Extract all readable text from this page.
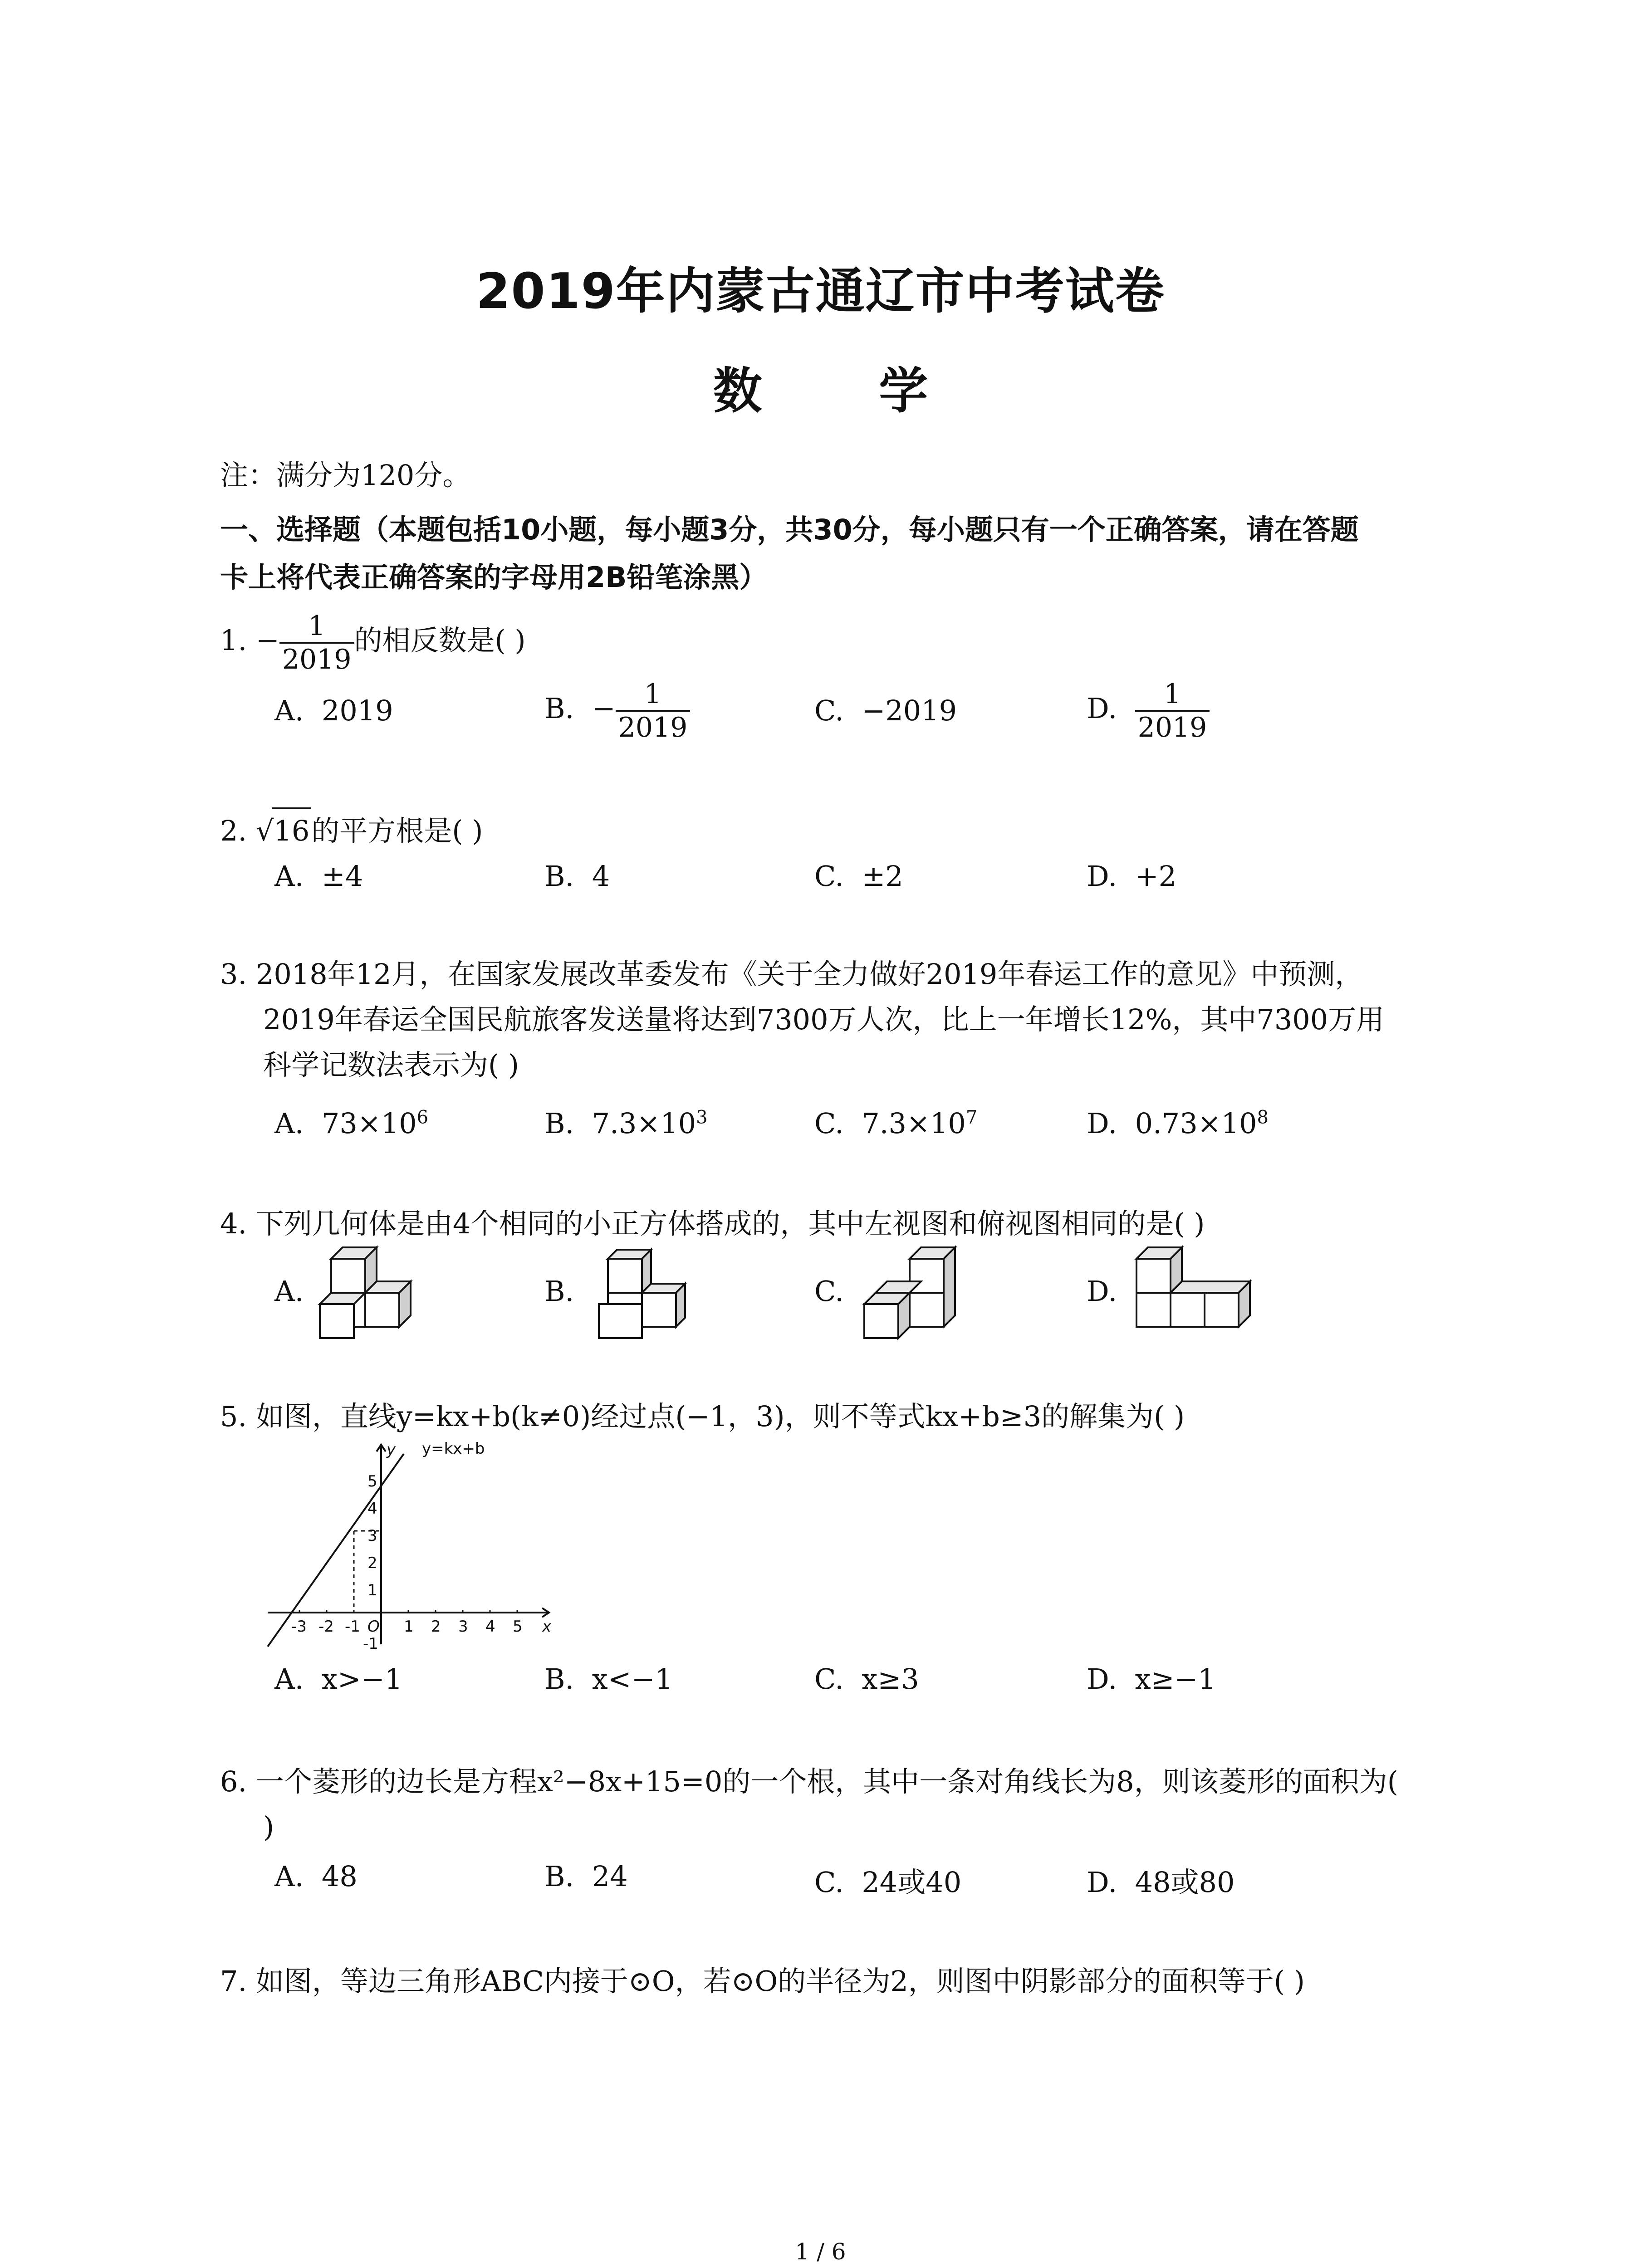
2019年内蒙古通辽市中考试卷
数 学
注：满分为120分。
一、选择题（本题包括10小题，每小题3分，共30分，每小题只有一个正确答案，请在答题
卡上将代表正确答案的字母用2B铅笔涂黑）
1. − $\frac{1}{2019}$ 的相反数是( )
A. 2019	B. − $\frac{1}{2019}$	C. −2019	D. $\frac{1}{2019}$
2. √16的平方根是( )
A. ±4	B. 4	C. ±2	D. +2
3. 2018年12月，在国家发展改革委发布《关于全力做好2019年春运工作的意见》中预测，
2019年春运全国民航旅客发送量将达到7300万人次，比上一年增长12%，其中7300万用
科学记数法表示为( )
A. $73\times 10^6$	B. $7.3\times 10^3$	C. $7.3\times 10^7$	D. $0.73\times 10^8$
4. 下列几何体是由4个相同的小正方体搭成的，其中左视图和俯视图相同的是( )
A.	B.	C.	D.
5. 如图，直线y=kx+b(k≠0)经过点(−1，3)，则不等式kx+b≥3的解集为( )
y=kx+b
y
x
O
5
4
3
2
1
-1
-3 -2 -1	1 2 3 4 5
A. x>−1	B. x<−1	C. x≥3	D. x≥−1
6. 一个菱形的边长是方程x²−8x+15=0的一个根，其中一条对角线长为8，则该菱形的面积为(
)
A. 48	B. 24	C. 24或40	D. 48或80
7. 如图，等边三角形ABC内接于⊙O，若⊙O的半径为2，则图中阴影部分的面积等于( )
1 / 6
